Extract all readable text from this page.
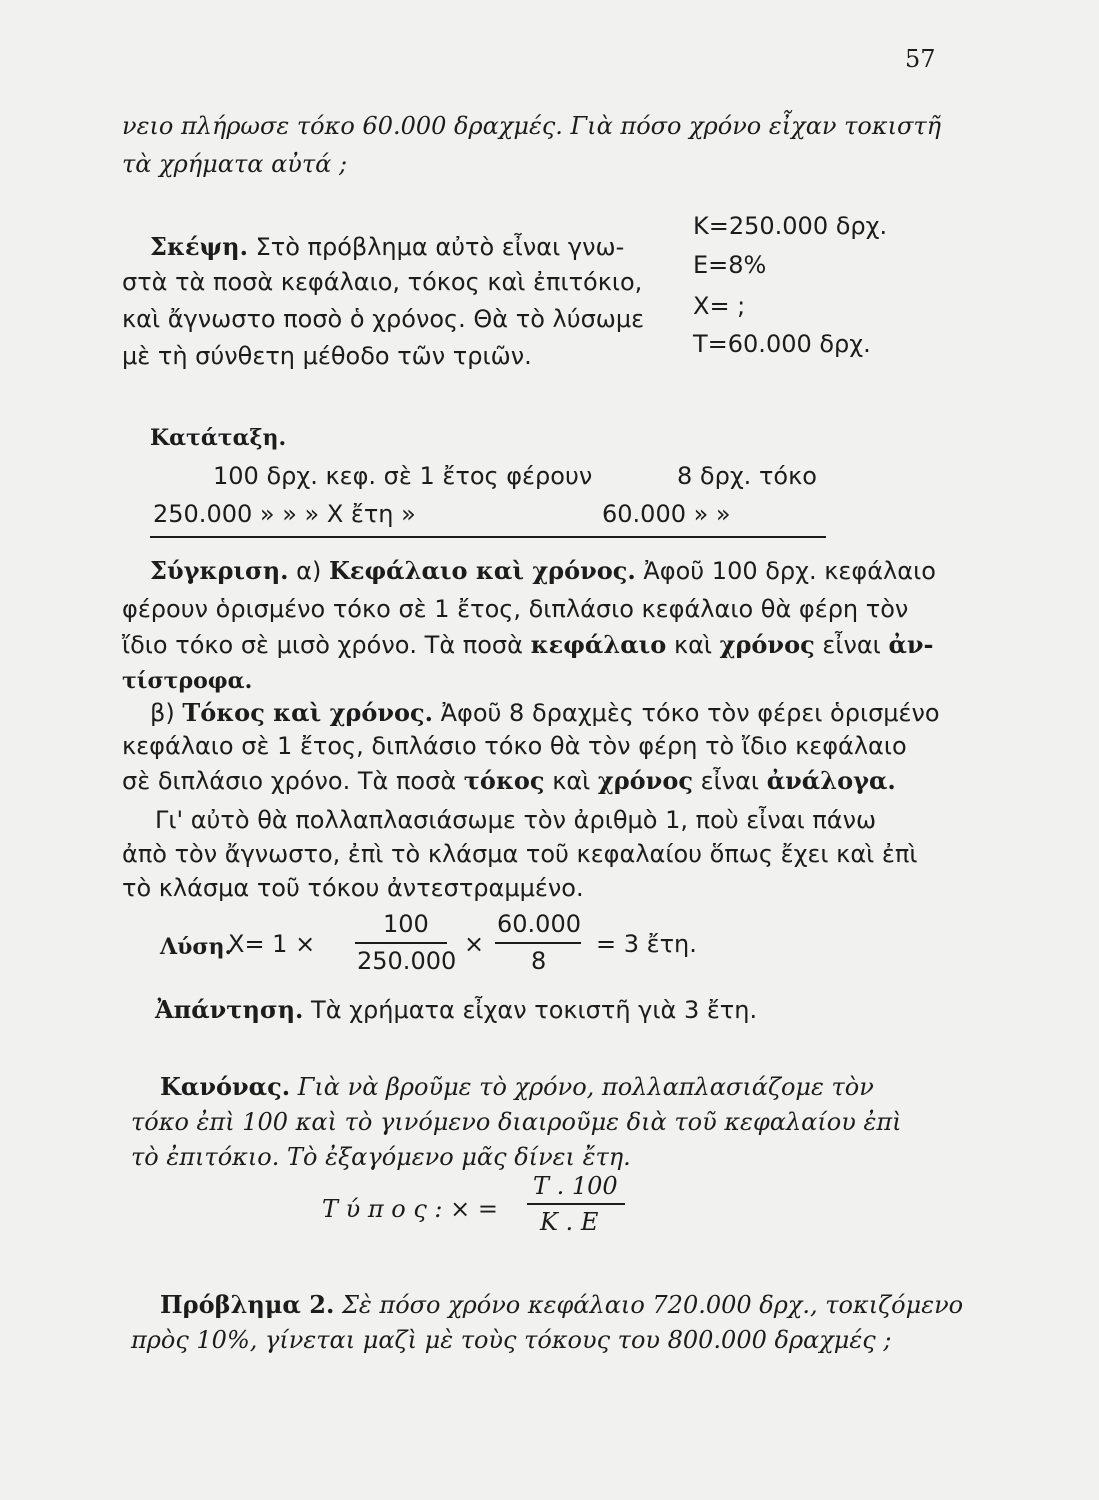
57
νειο πλήρωσε τόκο 60.000 δραχμές. Γιὰ πόσο χρόνο εἶχαν τοκιστῆ
τὰ χρήματα αὐτά ;
Σκέψη. Στὸ πρόβλημα αὐτὸ εἶναι γνω-
στὰ τὰ ποσὰ κεφάλαιο, τόκος καὶ ἐπιτόκιο,
καὶ ἄγνωστο ποσὸ ὁ χρόνος. Θὰ τὸ λύσωμε
μὲ τὴ σύνθετη μέθοδο τῶν τριῶν.
K=250.000 δρχ.
E=8%
X= ;
T=60.000 δρχ.
Κατάταξη.
100 δρχ. κεφ. σὲ 1 ἔτος φέρουν	8 δρχ. τόκο
250.000 » » » X ἔτη »	60.000 » »
Σύγκριση. α) Κεφάλαιο καὶ χρόνος. Ἀφοῦ 100 δρχ. κεφάλαιο
φέρουν ὁρισμένο τόκο σὲ 1 ἔτος, διπλάσιο κεφάλαιο θὰ φέρη τὸν
ἴδιο τόκο σὲ μισὸ χρόνο. Τὰ ποσὰ κεφάλαιο καὶ χρόνος εἶναι ἀν-
τίστροφα.
β) Τόκος καὶ χρόνος. Ἀφοῦ 8 δραχμὲς τόκο τὸν φέρει ὁρισμένο
κεφάλαιο σὲ 1 ἔτος, διπλάσιο τόκο θὰ τὸν φέρη τὸ ἴδιο κεφάλαιο
σὲ διπλάσιο χρόνο. Τὰ ποσὰ τόκος καὶ χρόνος εἶναι ἀνάλογα.
Γι' αὐτὸ θὰ πολλαπλασιάσωμε τὸν ἀριθμὸ 1, ποὺ εἶναι πάνω
ἀπὸ τὸν ἄγνωστο, ἐπὶ τὸ κλάσμα τοῦ κεφαλαίου ὅπως ἔχει καὶ ἐπὶ
τὸ κλάσμα τοῦ τόκου ἀντεστραμμένο.
Λύση.
X= 1 ×
100
250.000
×
60.000
8
= 3 ἔτη.
Ἀπάντηση. Τὰ χρήματα εἶχαν τοκιστῆ γιὰ 3 ἔτη.
Κανόνας. Γιὰ νὰ βροῦμε τὸ χρόνο, πολλαπλασιάζομε τὸν
τόκο ἐπὶ 100 καὶ τὸ γινόμενο διαιροῦμε διὰ τοῦ κεφαλαίου ἐπὶ
τὸ ἐπιτόκιο. Τὸ ἐξαγόμενο μᾶς δίνει ἔτη.
Τ ύ π ο ς : × =
Τ . 100
Κ . Ε
Πρόβλημα 2. Σὲ πόσο χρόνο κεφάλαιο 720.000 δρχ., τοκιζόμενο
πρὸς 10%, γίνεται μαζὶ μὲ τοὺς τόκους του 800.000 δραχμές ;
